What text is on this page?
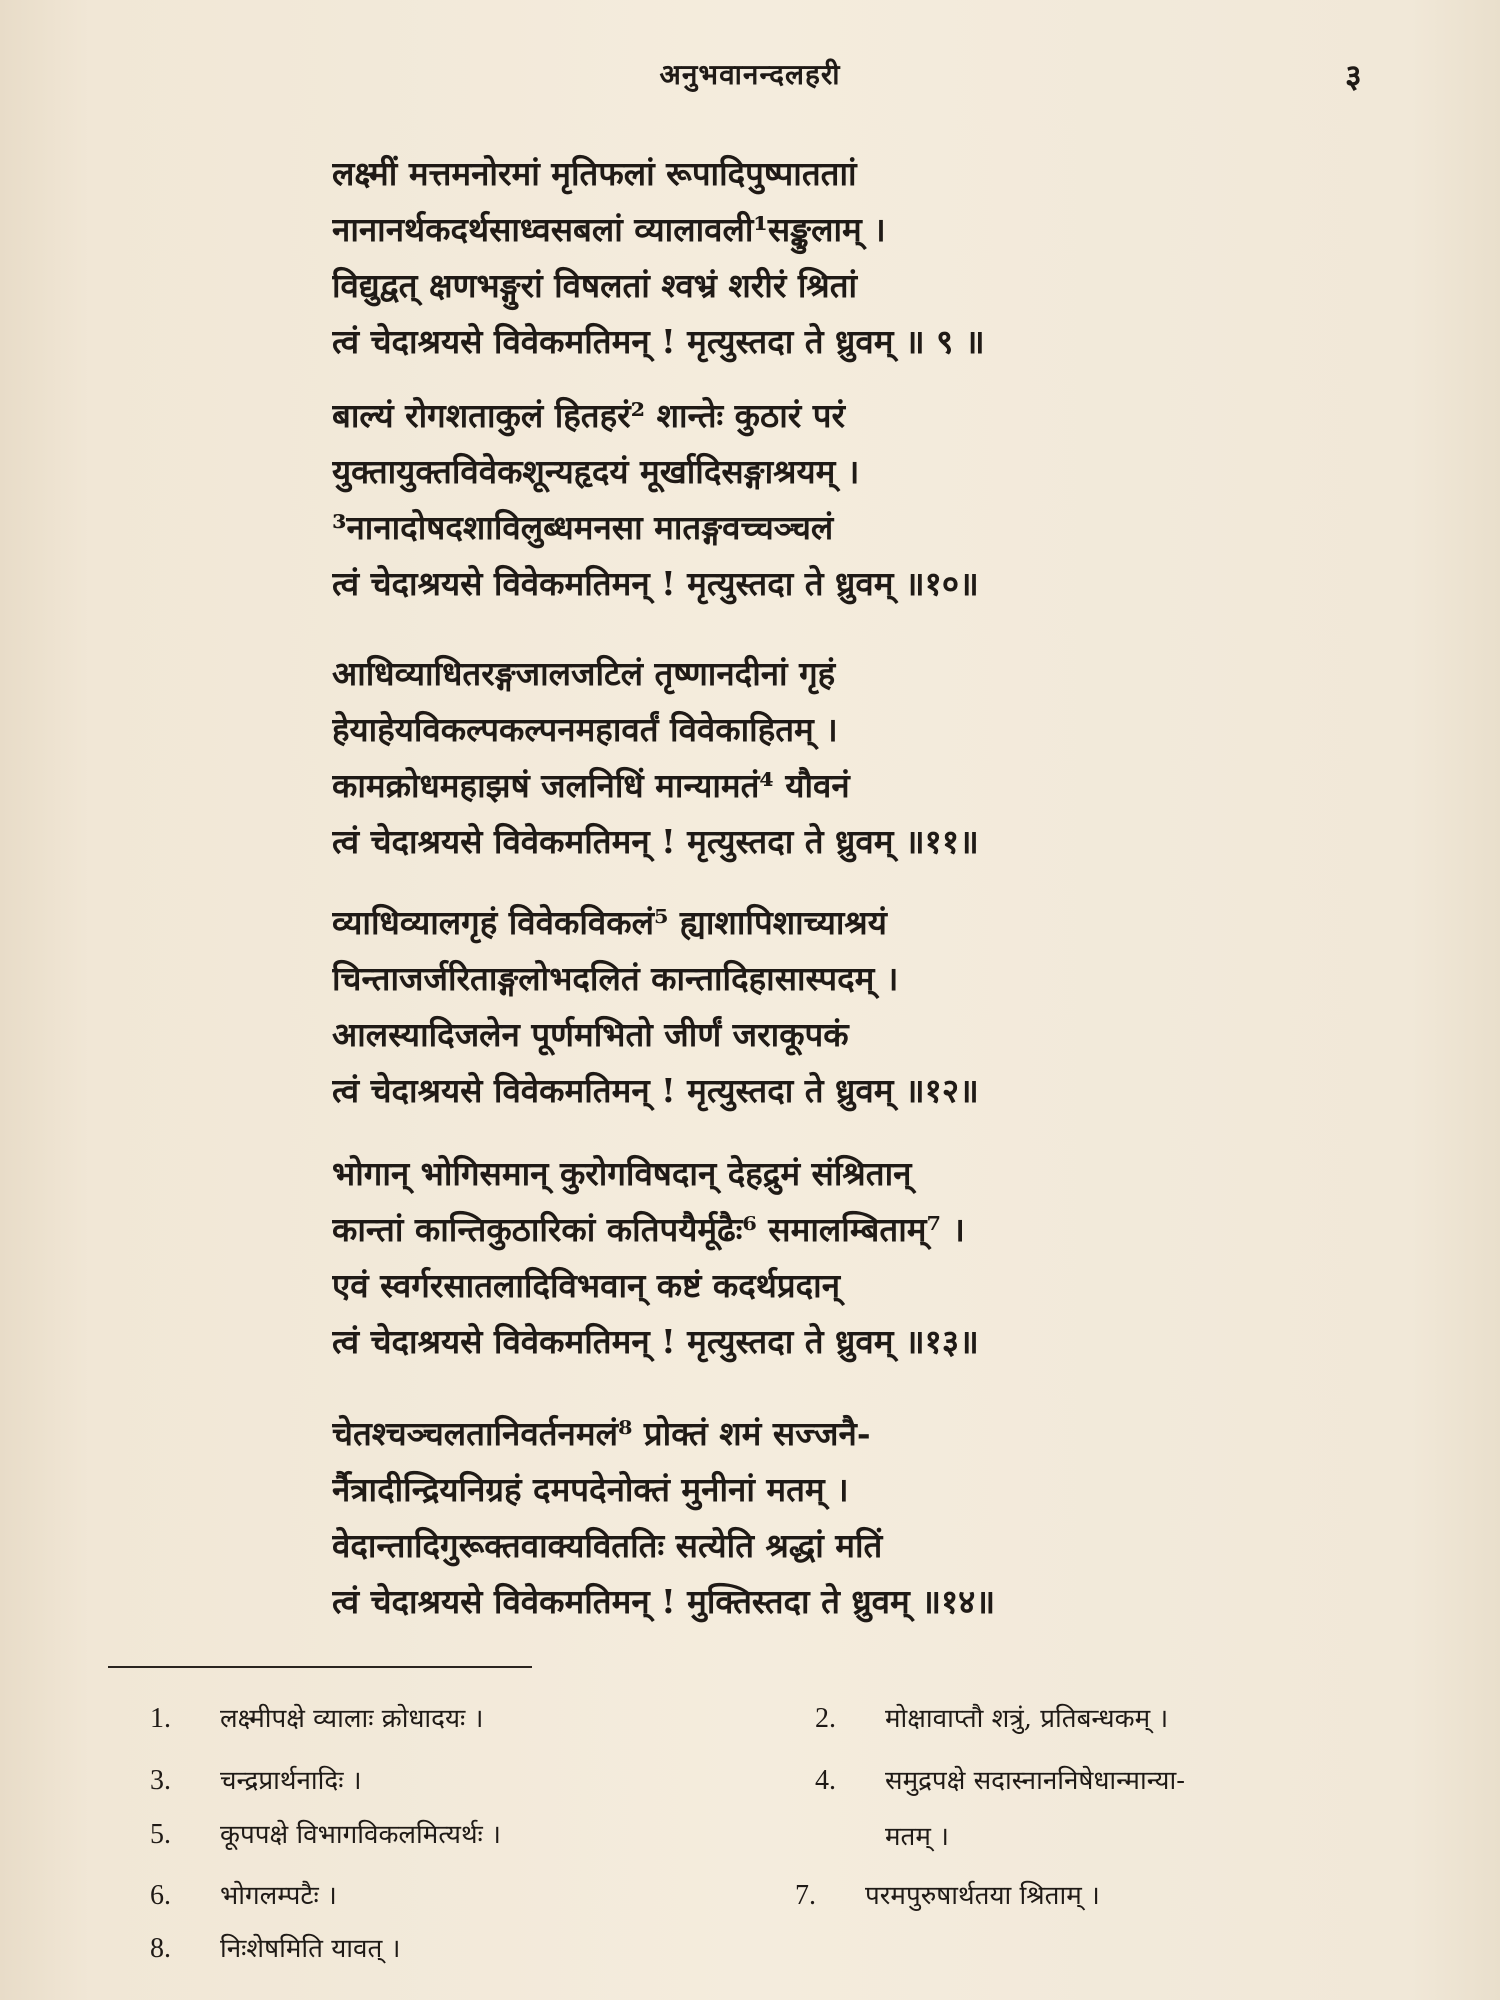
अनुभवानन्दलहरी	३
लक्ष्मीं मत्तमनोरमां मृतिफलां रूपादिपुष्पातताां
नानानर्थकदर्थसाध्वसबलां व्यालावली¹सङ्कुलाम् ।
विद्युद्वत् क्षणभङ्गुरां विषलतां श्वभ्रं शरीरं श्रितां
त्वं चेदाश्रयसे विवेकमतिमन् ! मृत्युस्तदा ते ध्रुवम् ॥ ९ ॥
बाल्यं रोगशताकुलं हितहरं² शान्तेः कुठारं परं
युक्तायुक्तविवेकशून्यहृदयं मूर्खादिसङ्गाश्रयम् ।
³नानादोषदशाविलुब्धमनसा मातङ्गवच्चञ्चलं
त्वं चेदाश्रयसे विवेकमतिमन् ! मृत्युस्तदा ते ध्रुवम् ॥१०॥
आधिव्याधितरङ्गजालजटिलं तृष्णानदीनां गृहं
हेयाहेयविकल्पकल्पनमहावर्तं विवेकाहितम् ।
कामक्रोधमहाझषं जलनिधिं मान्यामतं⁴ यौवनं
त्वं चेदाश्रयसे विवेकमतिमन् ! मृत्युस्तदा ते ध्रुवम् ॥११॥
व्याधिव्यालगृहं विवेकविकलं⁵ ह्याशापिशाच्याश्रयं
चिन्ताजर्जरिताङ्गलोभदलितं कान्तादिहासास्पदम् ।
आलस्यादिजलेन पूर्णमभितो जीर्णं जराकूपकं
त्वं चेदाश्रयसे विवेकमतिमन् ! मृत्युस्तदा ते ध्रुवम् ॥१२॥
भोगान् भोगिसमान् कुरोगविषदान् देहद्रुमं संश्रितान्
कान्तां कान्तिकुठारिकां कतिपयैर्मूढैः⁶ समालम्बिताम्⁷ ।
एवं स्वर्गरसातलादिविभवान् कष्टं कदर्थप्रदान्
त्वं चेदाश्रयसे विवेकमतिमन् ! मृत्युस्तदा ते ध्रुवम् ॥१३॥
चेतश्चञ्चलतानिवर्तनमलं⁸ प्रोक्तं शमं सज्जनै-
र्नैत्रादीन्द्रियनिग्रहं दमपदेनोक्तं मुनीनां मतम् ।
वेदान्तादिगुरूक्तवाक्यविततिः सत्येति श्रद्धां मतिं
त्वं चेदाश्रयसे विवेकमतिमन् ! मुक्तिस्तदा ते ध्रुवम् ॥१४॥
1. लक्ष्मीपक्षे व्यालाः क्रोधादयः ।	2. मोक्षावाप्तौ शत्रुं, प्रतिबन्धकम् ।
3. चन्द्रप्रार्थनादिः ।	4. समुद्रपक्षे सदास्नाननिषेधान्मान्या-
5. कूपपक्षे विभागविकलमित्यर्थः ।	मतम् ।
6. भोगलम्पटैः ।	7. परमपुरुषार्थतया श्रिताम् ।
8. निःशेषमिति यावत् ।
